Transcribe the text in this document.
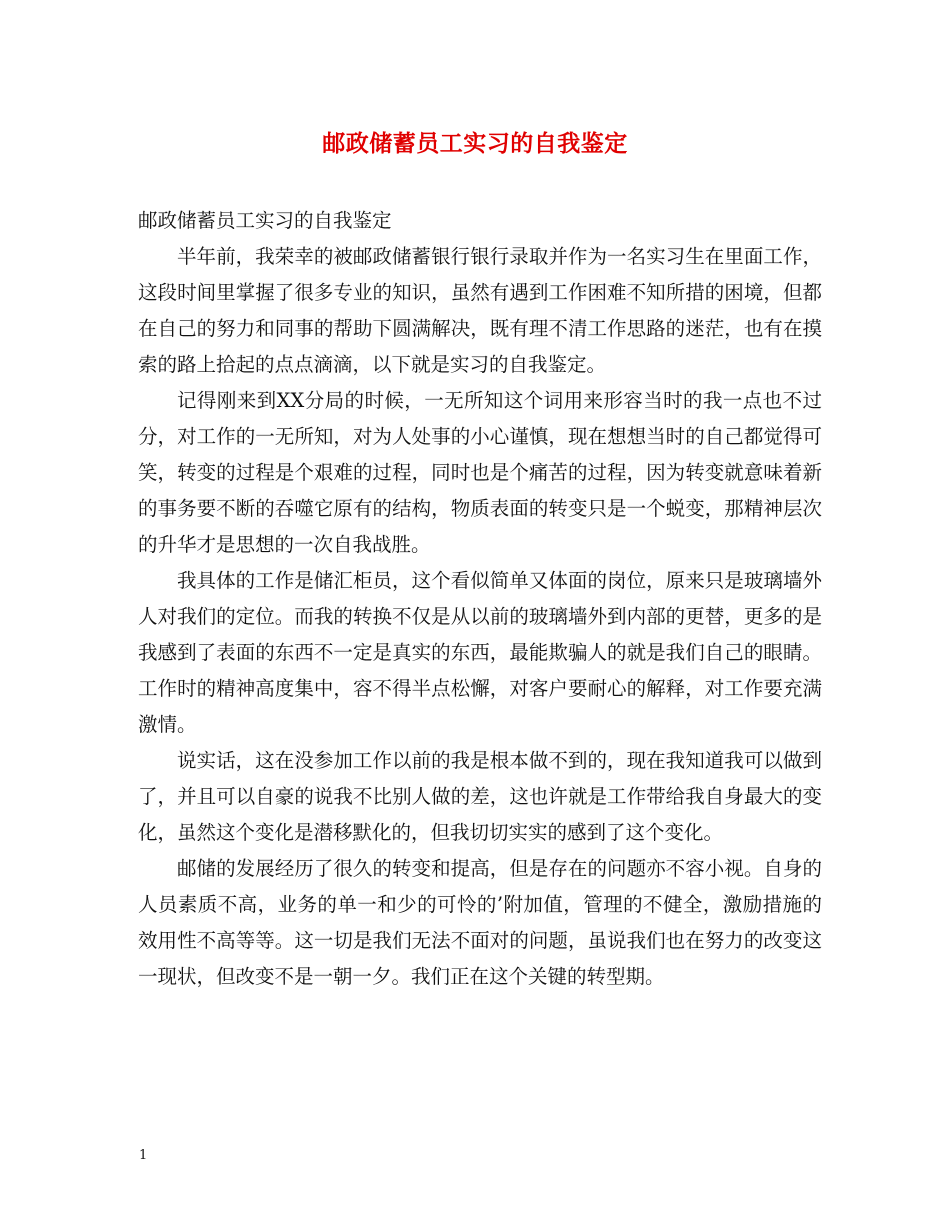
邮政储蓄员工实习的自我鉴定

邮政储蓄员工实习的自我鉴定

半年前，我荣幸的被邮政储蓄银行银行录取并作为一名实习生在里面工作，这段时间里掌握了很多专业的知识，虽然有遇到工作困难不知所措的困境，但都在自己的努力和同事的帮助下圆满解决，既有理不清工作思路的迷茫，也有在摸索的路上拾起的点点滴滴，以下就是实习的自我鉴定。

记得刚来到XX分局的时候，一无所知这个词用来形容当时的我一点也不过分，对工作的一无所知，对为人处事的小心谨慎，现在想想当时的自己都觉得可笑，转变的过程是个艰难的过程，同时也是个痛苦的过程，因为转变就意味着新的事务要不断的吞噬它原有的结构，物质表面的转变只是一个蜕变，那精神层次的升华才是思想的一次自我战胜。

我具体的工作是储汇柜员，这个看似简单又体面的岗位，原来只是玻璃墙外人对我们的定位。而我的转换不仅是从以前的玻璃墙外到内部的更替，更多的是我感到了表面的东西不一定是真实的东西，最能欺骗人的就是我们自己的眼睛。工作时的精神高度集中，容不得半点松懈，对客户要耐心的解释，对工作要充满激情。

说实话，这在没参加工作以前的我是根本做不到的，现在我知道我可以做到了，并且可以自豪的说我不比别人做的差，这也许就是工作带给我自身最大的变化，虽然这个变化是潜移默化的，但我切切实实的感到了这个变化。

邮储的发展经历了很久的转变和提高，但是存在的问题亦不容小视。自身的人员素质不高，业务的单一和少的可怜的’附加值，管理的不健全，激励措施的效用性不高等等。这一切是我们无法不面对的问题，虽说我们也在努力的改变这一现状，但改变不是一朝一夕。我们正在这个关键的转型期。

1
